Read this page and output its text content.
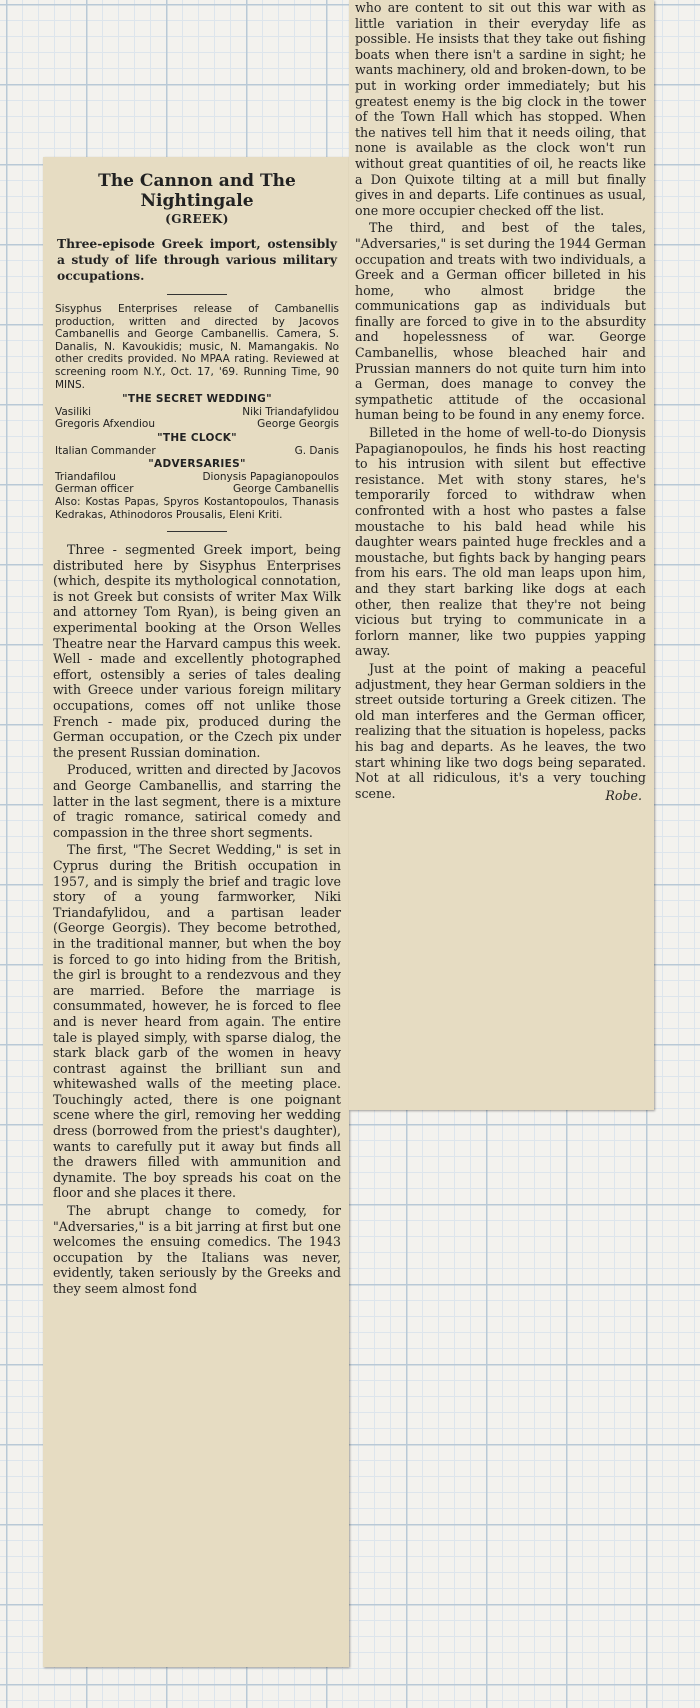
The Cannon and The Nightingale
(GREEK)
Three-episode Greek import, ostensibly a study of life through various military occupations.
Sisyphus Enterprises release of Cambanellis production, written and directed by Jacovos Cambanellis and George Cambanellis. Camera, S. Danalis, N. Kavoukidis; music, N. Mamangakis. No other credits provided. No MPAA rating. Reviewed at screening room N.Y., Oct. 17, '69. Running Time, 90 MINS.
"THE SECRET WEDDING"
Vasiliki	Niki Triandafylidou
Gregoris Afxendiou	George Georgis
"THE CLOCK"
Italian Commander	G. Danis
"ADVERSARIES"
Triandafilou	Dionysis Papagianopoulos
German officer	George Cambanellis
Also: Kostas Papas, Spyros Kostantopoulos, Thanasis Kedrakas, Athinodoros Prousalis, Eleni Kriti.

Three - segmented Greek import, being distributed here by Sisyphus Enterprises (which, despite its mythological connotation, is not Greek but consists of writer Max Wilk and attorney Tom Ryan), is being given an experimental booking at the Orson Welles Theatre near the Harvard campus this week. Well - made and excellently photographed effort, ostensibly a series of tales dealing with Greece under various foreign military occupations, comes off not unlike those French - made pix, produced during the German occupation, or the Czech pix under the present Russian domination.

Produced, written and directed by Jacovos and George Cambanellis, and starring the latter in the last segment, there is a mixture of tragic romance, satirical comedy and compassion in the three short segments.

The first, "The Secret Wedding," is set in Cyprus during the British occupation in 1957, and is simply the brief and tragic love story of a young farmworker, Niki Triandafylidou, and a partisan leader (George Georgis). They become betrothed, in the traditional manner, but when the boy is forced to go into hiding from the British, the girl is brought to a rendezvous and they are married. Before the marriage is consummated, however, he is forced to flee and is never heard from again. The entire tale is played simply, with sparse dialog, the stark black garb of the women in heavy contrast against the brilliant sun and whitewashed walls of the meeting place. Touchingly acted, there is one poignant scene where the girl, removing her wedding dress (borrowed from the priest's daughter), wants to carefully put it away but finds all the drawers filled with ammunition and dynamite. The boy spreads his coat on the floor and she places it there.

The abrupt change to comedy, for "Adversaries," is a bit jarring at first but one welcomes the ensuing comedics. The 1943 occupation by the Italians was never, evidently, taken seriously by the Greeks and they seem almost fond

who are content to sit out this war with as little variation in their everyday life as possible. He insists that they take out fishing boats when there isn't a sardine in sight; he wants machinery, old and broken-down, to be put in working order immediately; but his greatest enemy is the big clock in the tower of the Town Hall which has stopped. When the natives tell him that it needs oiling, that none is available as the clock won't run without great quantities of oil, he reacts like a Don Quixote tilting at a mill but finally gives in and departs. Life continues as usual, one more occupier checked off the list.

The third, and best of the tales, "Adversaries," is set during the 1944 German occupation and treats with two individuals, a Greek and a German officer billeted in his home, who almost bridge the communications gap as individuals but finally are forced to give in to the absurdity and hopelessness of war. George Cambanellis, whose bleached hair and Prussian manners do not quite turn him into a German, does manage to convey the sympathetic attitude of the occasional human being to be found in any enemy force.

Billeted in the home of well-to-do Dionysis Papagianopoulos, he finds his host reacting to his intrusion with silent but effective resistance. Met with stony stares, he's temporarily forced to withdraw when confronted with a host who pastes a false moustache to his bald head while his daughter wears painted huge freckles and a moustache, but fights back by hanging pears from his ears. The old man leaps upon him, and they start barking like dogs at each other, then realize that they're not being vicious but trying to communicate in a forlorn manner, like two puppies yapping away.

Just at the point of making a peaceful adjustment, they hear German soldiers in the street outside torturing a Greek citizen. The old man interferes and the German officer, realizing that the situation is hopeless, packs his bag and departs. As he leaves, the two start whining like two dogs being separated. Not at all ridiculous, it's a very touching scene.	Robe.
